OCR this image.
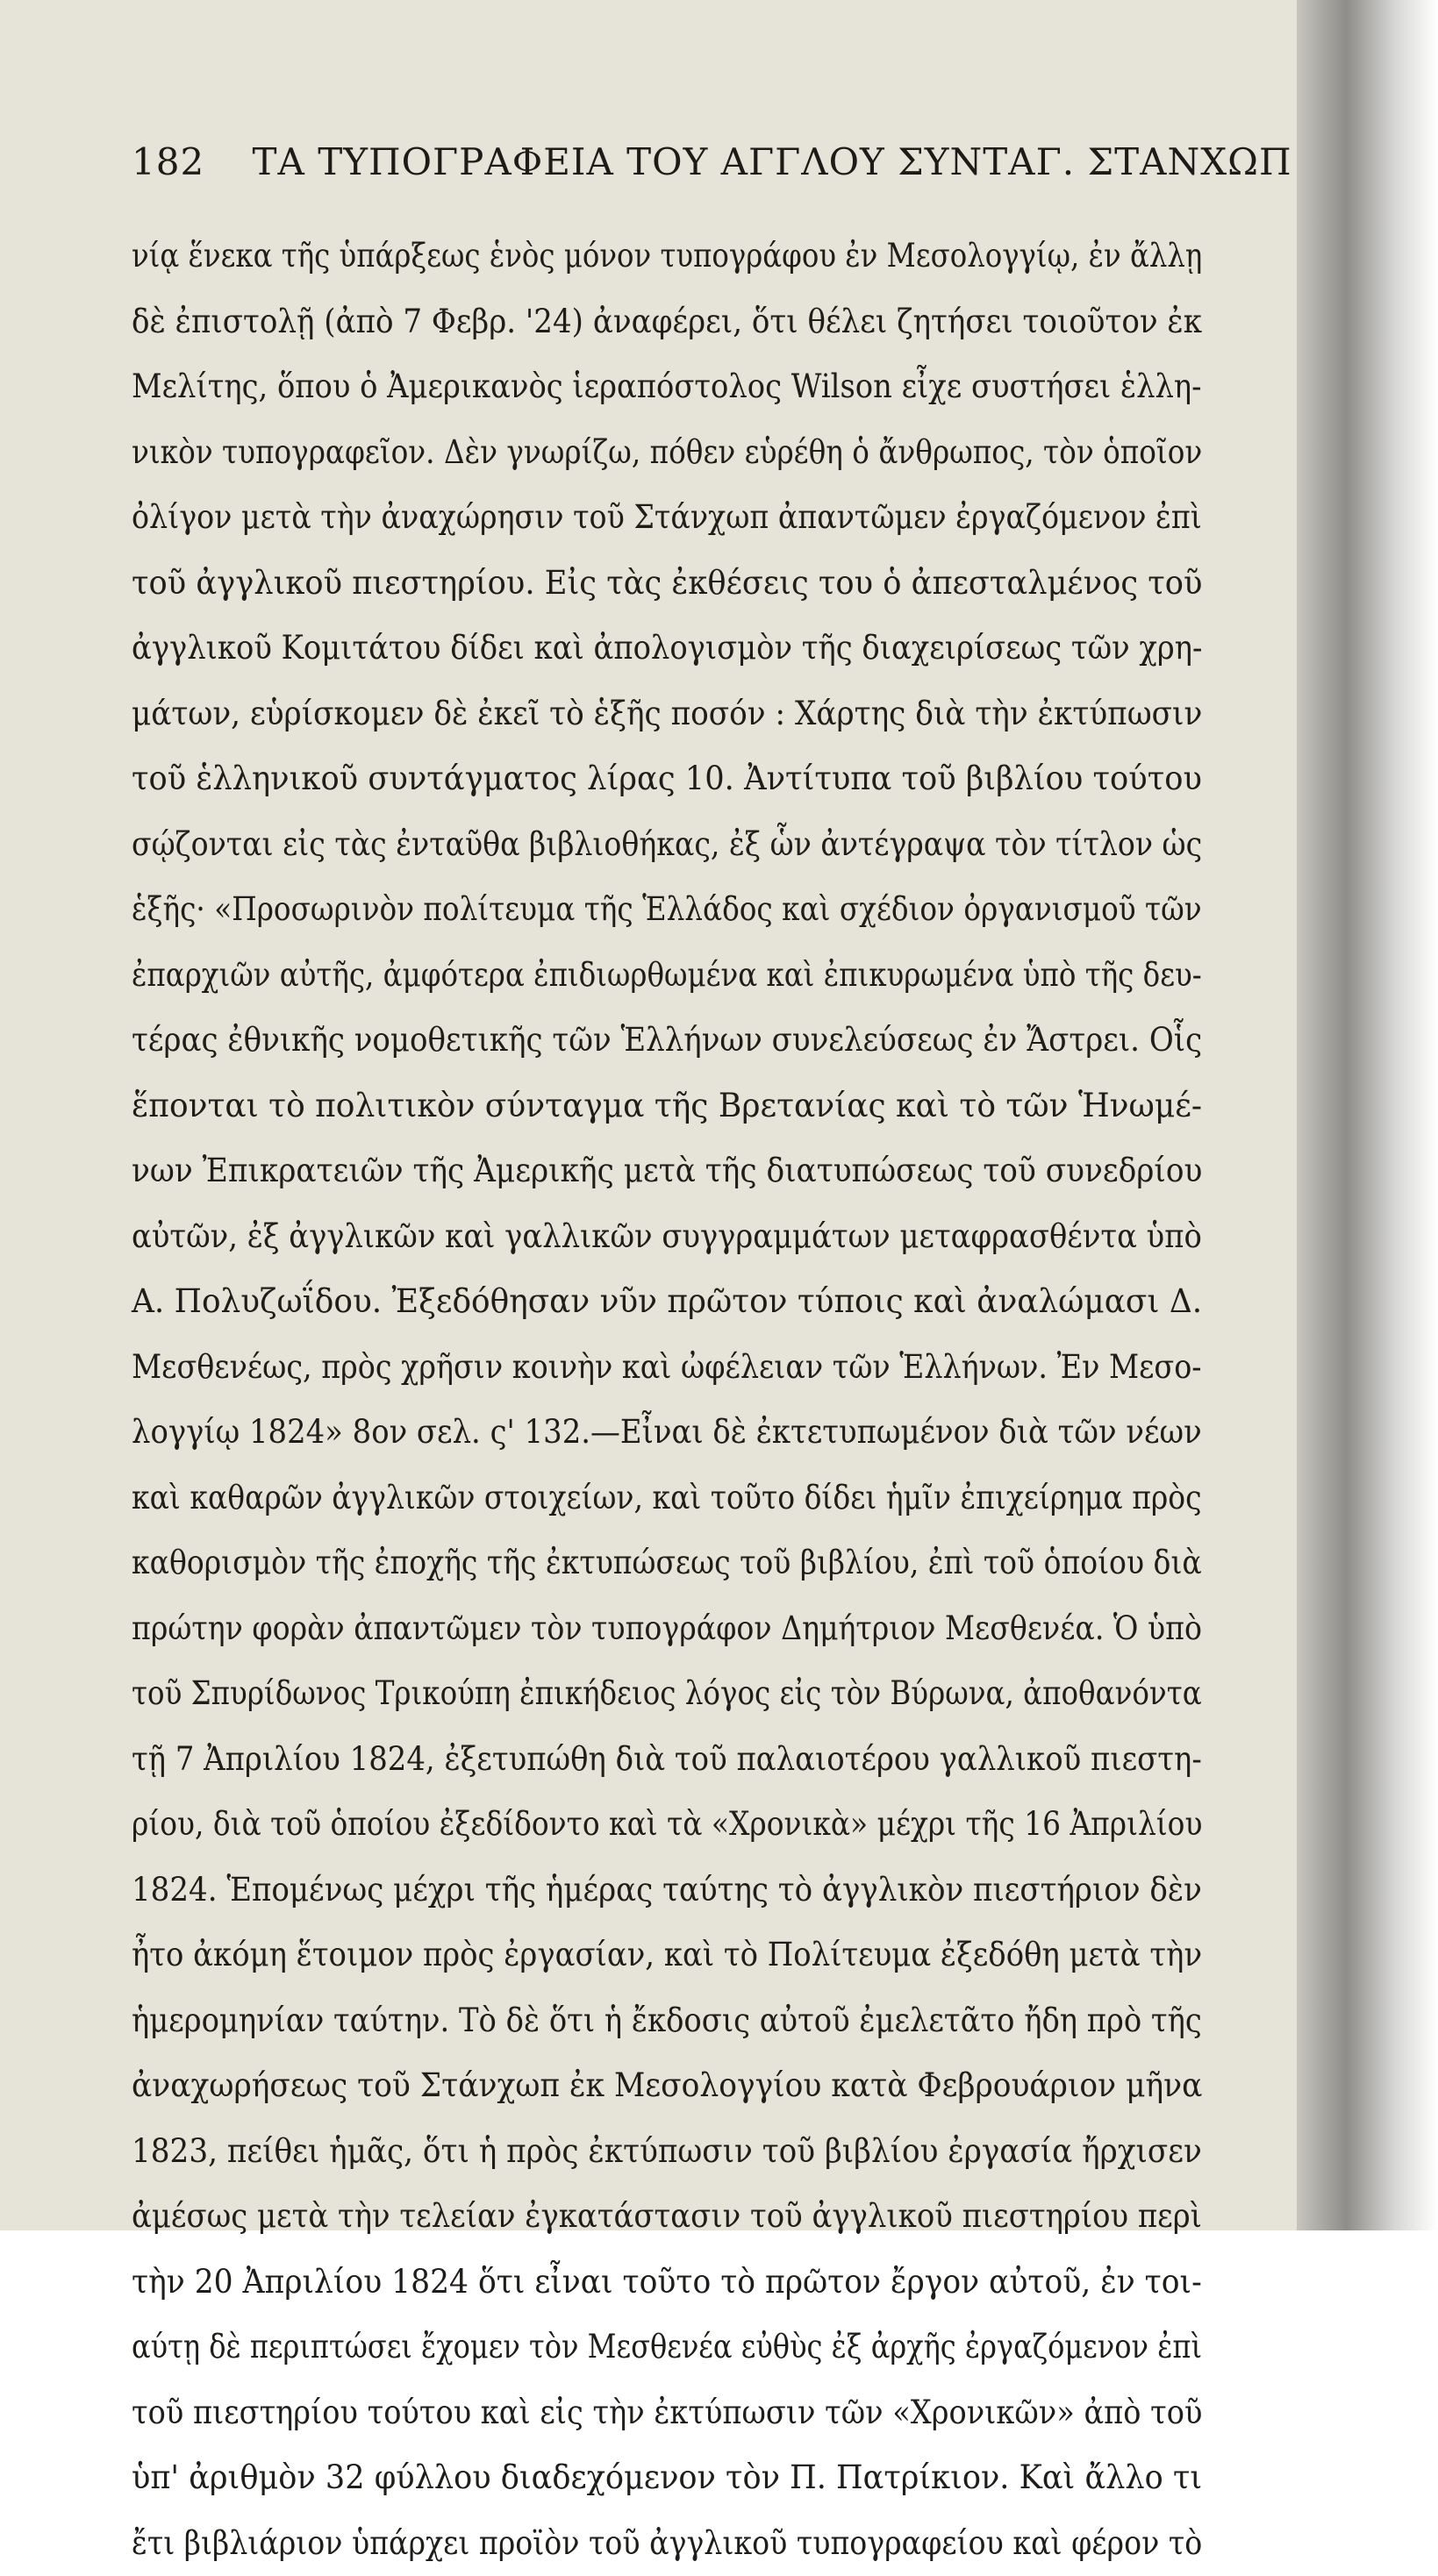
182 ΤΑ ΤΥΠΟΓΡΑΦΕΙΑ ΤΟΥ ΑΓΓΛΟΥ ΣΥΝΤΑΓ. ΣΤΑΝΧΩΠ
νίᾳ ἕνεκα τῆς ὑπάρξεως ἑνὸς μόνον τυπογράφου ἐν Μεσολογγίῳ, ἐν ἄλλῃ
δὲ ἐπιστολῇ (ἀπὸ 7 Φεβρ. '24) ἀναφέρει, ὅτι θέλει ζητήσει τοιοῦτον ἐκ
Μελίτης, ὅπου ὁ Ἀμερικανὸς ἱεραπόστολος Wilson εἶχε συστήσει ἑλλη-
νικὸν τυπογραφεῖον. Δὲν γνωρίζω, πόθεν εὑρέθη ὁ ἄνθρωπος, τὸν ὁποῖον
ὀλίγον μετὰ τὴν ἀναχώρησιν τοῦ Στάνχωπ ἀπαντῶμεν ἐργαζόμενον ἐπὶ
τοῦ ἀγγλικοῦ πιεστηρίου. Εἰς τὰς ἐκθέσεις του ὁ ἀπεσταλμένος τοῦ
ἀγγλικοῦ Κομιτάτου δίδει καὶ ἀπολογισμὸν τῆς διαχειρίσεως τῶν χρη-
μάτων, εὑρίσκομεν δὲ ἐκεῖ τὸ ἑξῆς ποσόν : Χάρτης διὰ τὴν ἐκτύπωσιν
τοῦ ἑλληνικοῦ συντάγματος λίρας 10. Ἀντίτυπα τοῦ βιβλίου τούτου
σῴζονται εἰς τὰς ἐνταῦθα βιβλιοθήκας, ἐξ ὧν ἀντέγραψα τὸν τίτλον ὡς
ἑξῆς· «Προσωρινὸν πολίτευμα τῆς Ἑλλάδος καὶ σχέδιον ὀργανισμοῦ τῶν
ἐπαρχιῶν αὐτῆς, ἀμφότερα ἐπιδιωρθωμένα καὶ ἐπικυρωμένα ὑπὸ τῆς δευ-
τέρας ἐθνικῆς νομοθετικῆς τῶν Ἑλλήνων συνελεύσεως ἐν Ἄστρει. Οἷς
ἕπονται τὸ πολιτικὸν σύνταγμα τῆς Βρετανίας καὶ τὸ τῶν Ἡνωμέ-
νων Ἐπικρατειῶν τῆς Ἀμερικῆς μετὰ τῆς διατυπώσεως τοῦ συνεδρίου
αὐτῶν, ἐξ ἀγγλικῶν καὶ γαλλικῶν συγγραμμάτων μεταφρασθέντα ὑπὸ
Α. Πολυζωΐδου. Ἐξεδόθησαν νῦν πρῶτον τύποις καὶ ἀναλώμασι Δ.
Μεσθενέως, πρὸς χρῆσιν κοινὴν καὶ ὠφέλειαν τῶν Ἑλλήνων. Ἐν Μεσο-
λογγίῳ 1824» 8ον σελ. ς' 132.—Εἶναι δὲ ἐκτετυπωμένον διὰ τῶν νέων
καὶ καθαρῶν ἀγγλικῶν στοιχείων, καὶ τοῦτο δίδει ἡμῖν ἐπιχείρημα πρὸς
καθορισμὸν τῆς ἐποχῆς τῆς ἐκτυπώσεως τοῦ βιβλίου, ἐπὶ τοῦ ὁποίου διὰ
πρώτην φορὰν ἀπαντῶμεν τὸν τυπογράφον Δημήτριον Μεσθενέα. Ὁ ὑπὸ
τοῦ Σπυρίδωνος Τρικούπη ἐπικήδειος λόγος εἰς τὸν Βύρωνα, ἀποθανόντα
τῇ 7 Ἀπριλίου 1824, ἐξετυπώθη διὰ τοῦ παλαιοτέρου γαλλικοῦ πιεστη-
ρίου, διὰ τοῦ ὁποίου ἐξεδίδοντο καὶ τὰ «Χρονικὰ» μέχρι τῆς 16 Ἀπριλίου
1824. Ἑπομένως μέχρι τῆς ἡμέρας ταύτης τὸ ἀγγλικὸν πιεστήριον δὲν
ἦτο ἀκόμη ἕτοιμον πρὸς ἐργασίαν, καὶ τὸ Πολίτευμα ἐξεδόθη μετὰ τὴν
ἡμερομηνίαν ταύτην. Τὸ δὲ ὅτι ἡ ἔκδοσις αὐτοῦ ἐμελετᾶτο ἤδη πρὸ τῆς
ἀναχωρήσεως τοῦ Στάνχωπ ἐκ Μεσολογγίου κατὰ Φεβρουάριον μῆνα
1823, πείθει ἡμᾶς, ὅτι ἡ πρὸς ἐκτύπωσιν τοῦ βιβλίου ἐργασία ἤρχισεν
ἀμέσως μετὰ τὴν τελείαν ἐγκατάστασιν τοῦ ἀγγλικοῦ πιεστηρίου περὶ
τὴν 20 Ἀπριλίου 1824 ὅτι εἶναι τοῦτο τὸ πρῶτον ἔργον αὐτοῦ, ἐν τοι-
αύτῃ δὲ περιπτώσει ἔχομεν τὸν Μεσθενέα εὐθὺς ἐξ ἀρχῆς ἐργαζόμενον ἐπὶ
τοῦ πιεστηρίου τούτου καὶ εἰς τὴν ἐκτύπωσιν τῶν «Χρονικῶν» ἀπὸ τοῦ
ὑπ' ἀριθμὸν 32 φύλλου διαδεχόμενον τὸν Π. Πατρίκιον. Καὶ ἄλλο τι
ἔτι βιβλιάριον ὑπάρχει προϊὸν τοῦ ἀγγλικοῦ τυπογραφείου καὶ φέρον τὸ
